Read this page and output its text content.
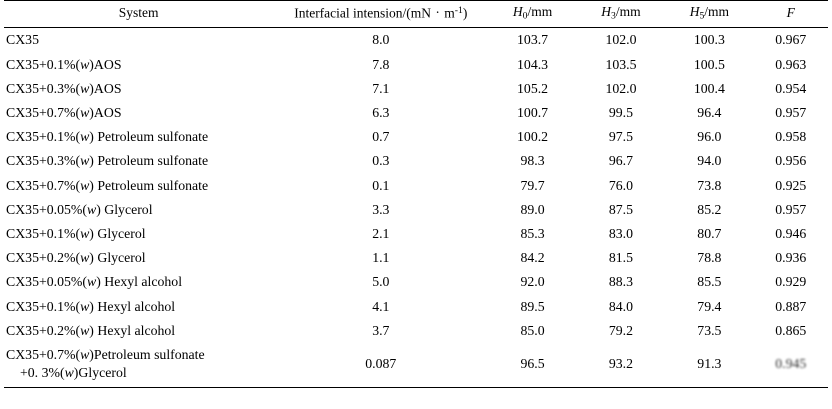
System	Interfacial intension/(mN · $m^{-1}$)	$H_0/mm$	$H_3/mm$	$H_5/mm$	F
CX35	8.0	103.7	102.0	100.3	0.967
CX35+0.1%(w)AOS	7.8	104.3	103.5	100.5	0.963
CX35+0.3%(w)AOS	7.1	105.2	102.0	100.4	0.954
CX35+0.7%(w)AOS	6.3	100.7	99.5	96.4	0.957
CX35+0.1%(w) Petroleum sulfonate	0.7	100.2	97.5	96.0	0.958
CX35+0.3%(w) Petroleum sulfonate	0.3	98.3	96.7	94.0	0.956
CX35+0.7%(w) Petroleum sulfonate	0.1	79.7	76.0	73.8	0.925
CX35+0.05%(w) Glycerol	3.3	89.0	87.5	85.2	0.957
CX35+0.1%(w) Glycerol	2.1	85.3	83.0	80.7	0.946
CX35+0.2%(w) Glycerol	1.1	84.2	81.5	78.8	0.936
CX35+0.05%(w) Hexyl alcohol	5.0	92.0	88.3	85.5	0.929
CX35+0.1%(w) Hexyl alcohol	4.1	89.5	84.0	79.4	0.887
CX35+0.2%(w) Hexyl alcohol	3.7	85.0	79.2	73.5	0.865
CX35+0.7%(w)Petroleum sulfonate
+0. 3%(w)Glycerol	0.087	96.5	93.2	91.3	0.945
